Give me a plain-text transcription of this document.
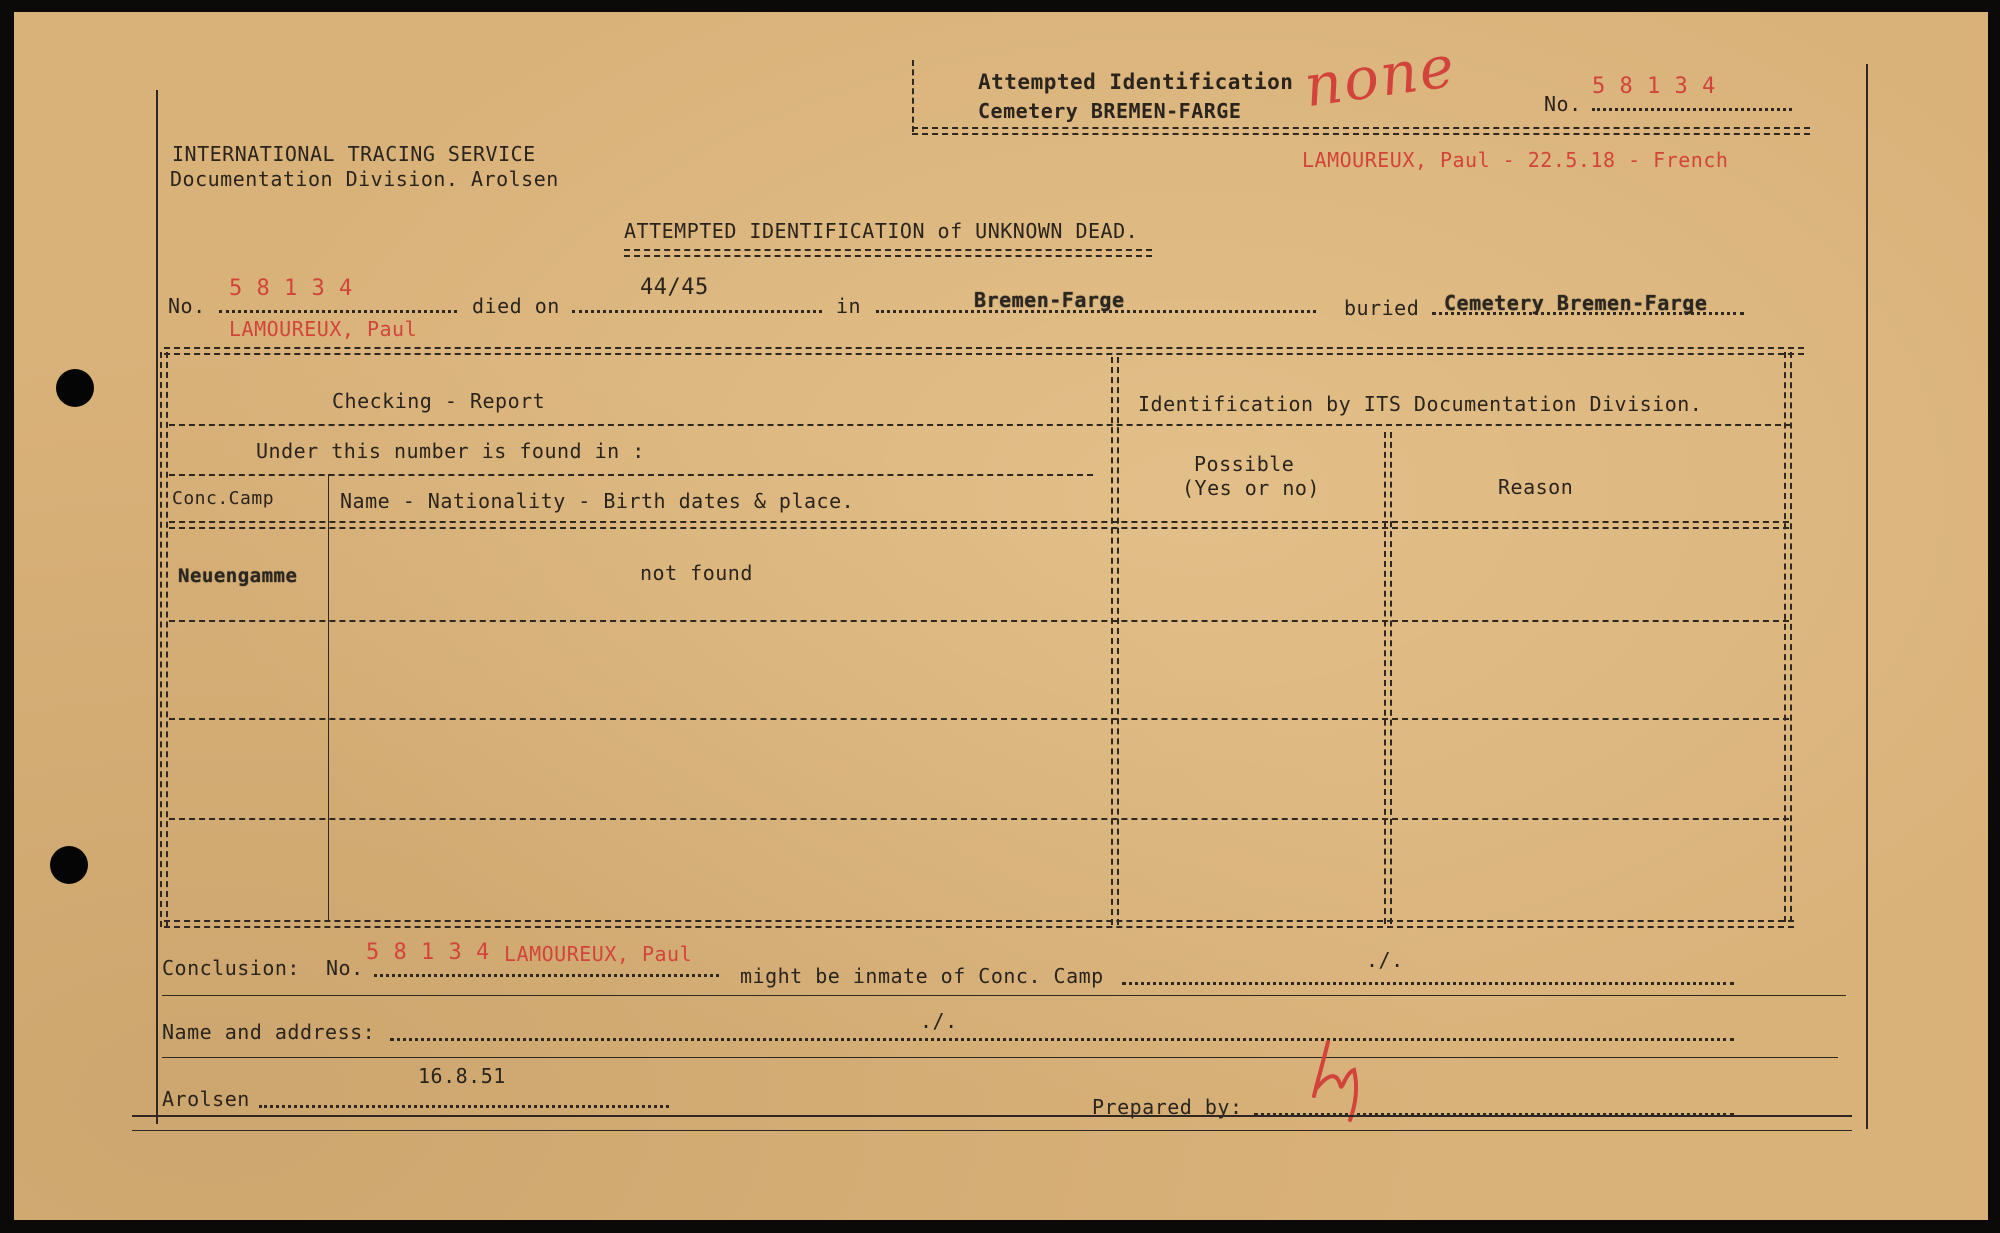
Attempted Identification
Cemetery BREMEN-FARGE none	No.
5 8 1 3 4
LAMOUREUX, Paul - 22.5.18 - French
INTERNATIONAL TRACING SERVICE
Documentation Division. Arolsen
ATTEMPTED IDENTIFICATION of UNKNOWN DEAD.
No.
5 8 1 3 4
LAMOUREUX, Paul
died on
44/45
in	Bremen-Farge	buried Cemetery Bremen-Farge
Checking - Report	Identification by ITS Documentation Division.
Under this number is found in :
Conc.Camp	Name - Nationality - Birth dates & place.
Possible
(Yes or no)	Reason
Neuengamme	not found
Conclusion: No.
5 8 1 3 4 LAMOUREUX, Paul
might be inmate of Conc. Camp
./.
Name and address:	./.
Arolsen
16.8.51
Prepared by:
